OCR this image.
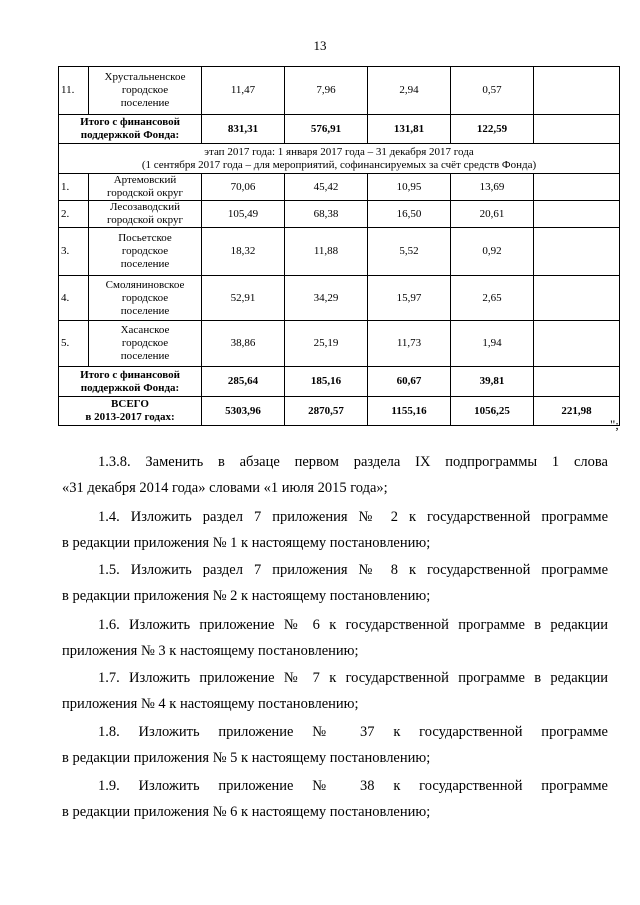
13
11.	Хрустальненское
городское
поселение	11,47	7,96	2,94	0,57	

Итого с финансовой
поддержкой Фонда:		831,31	576,91	131,81	122,59	

этап 2017 года: 1 января 2017 года – 31 декабря 2017 года
(1 сентября 2017 года – для мероприятий, софинансируемых за счёт средств Фонда)						

1.	Артемовский
городской округ	70,06	45,42	10,95	13,69	
2.	Лесозаводский
городской округ	105,49	68,38	16,50	20,61	
3.	Посьетское
городское
поселение	18,32	11,88	5,52	0,92	
4.	Смоляниновское
городское
поселение	52,91	34,29	15,97	2,65	
5.	Хасанское
городское
поселение	38,86	25,19	11,73	1,94	

Итого с финансовой
поддержкой Фонда:		285,64	185,16	60,67	39,81	

ВСЕГО
в 2013-2017 годах:		5303,96	2870,57	1155,16	1056,25	221,98
";
1.3.8. Заменить в абзаце первом раздела IX подпрограммы 1 слова
«31 декабря 2014 года» словами «1 июля 2015 года»;
1.4. Изложить раздел 7 приложения № 2 к государственной программе
в редакции приложения № 1 к настоящему постановлению;
1.5. Изложить раздел 7 приложения № 8 к государственной программе
в редакции приложения № 2 к настоящему постановлению;
1.6. Изложить приложение № 6 к государственной программе в редакции
приложения № 3 к настоящему постановлению;
1.7. Изложить приложение № 7 к государственной программе в редакции
приложения № 4 к настоящему постановлению;
1.8. Изложить приложение № 37 к государственной программе
в редакции приложения № 5 к настоящему постановлению;
1.9. Изложить приложение № 38 к государственной программе
в редакции приложения № 6 к настоящему постановлению;
